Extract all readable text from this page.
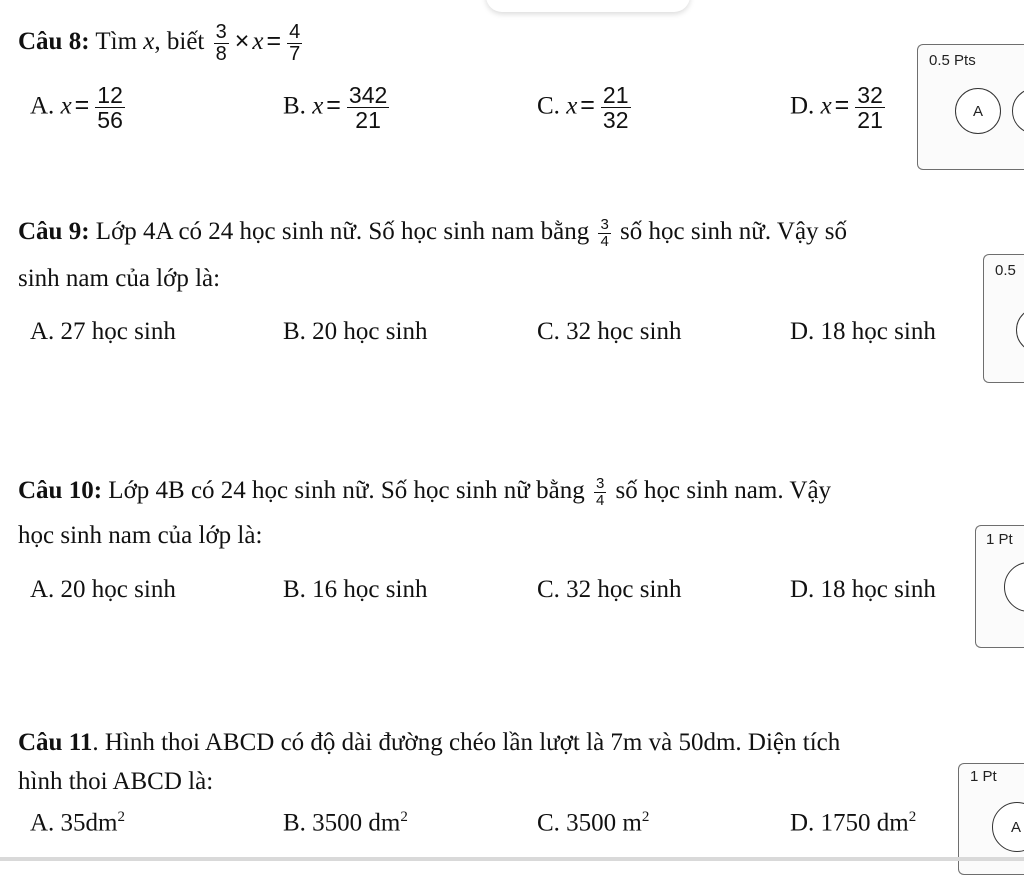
Câu 8: Tìm x, biết $\frac{3}{8} \times x = \frac{4}{7}$
A. $x = \frac{12}{56}$	B. $x = \frac{342}{21}$	C. $x = \frac{21}{32}$	D. $x = \frac{32}{21}$
0.5 Pts
A
Câu 9: Lớp 4A có 24 học sinh nữ. Số học sinh nam bằng $\frac{3}{4}$ số học sinh nữ. Vậy số
sinh nam của lớp là:
A. 27 học sinh	B. 20 học sinh	C. 32 học sinh	D. 18 học sinh
0.5
Câu 10: Lớp 4B có 24 học sinh nữ. Số học sinh nữ bằng $\frac{3}{4}$ số học sinh nam. Vậy
học sinh nam của lớp là:
A. 20 học sinh	B. 16 học sinh	C. 32 học sinh	D. 18 học sinh
1 Pt
Câu 11. Hình thoi ABCD có độ dài đường chéo lần lượt là 7m và 50dm. Diện tích
hình thoi ABCD là:
A. $35dm^2$	B. 3500 $dm^2$	C. 3500 $m^2$	D. 1750 $dm^2$
1 Pt
A
